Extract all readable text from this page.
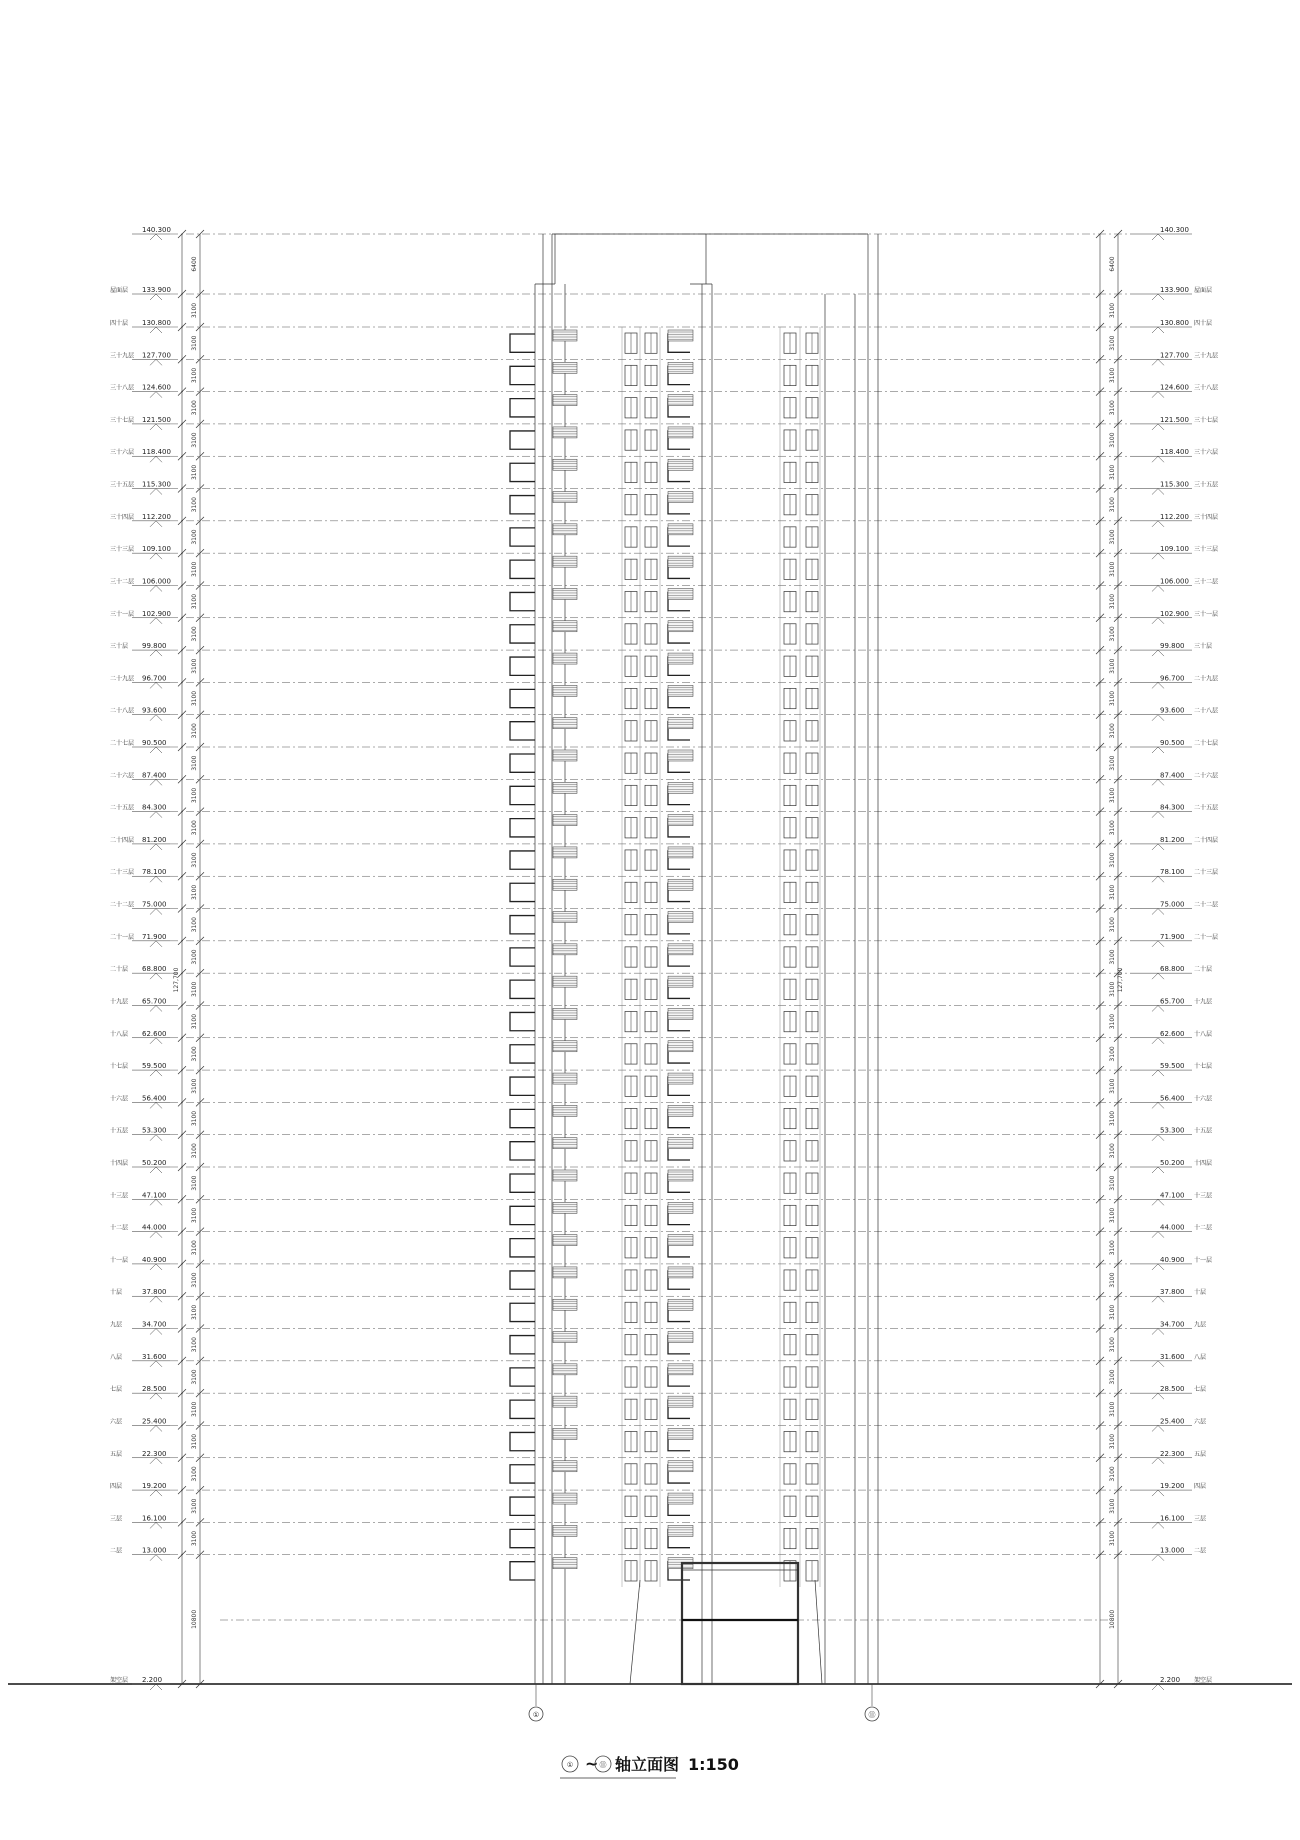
140.300	140.300
133.900	133.900
屋面层	屋面层
130.800	130.800
四十层	四十层
127.700	127.700
三十九层	三十九层
124.600	124.600
三十八层	三十八层
121.500	121.500
三十七层	三十七层
118.400	118.400
三十六层	三十六层
115.300	115.300
三十五层	三十五层
112.200	112.200
三十四层	三十四层
109.100	109.100
三十三层	三十三层
106.000	106.000
三十二层	三十二层
102.900	102.900
三十一层	三十一层
99.800	99.800
三十层	三十层
96.700	96.700
二十九层	二十九层
93.600	93.600
二十八层	二十八层
90.500	90.500
二十七层	二十七层
87.400	87.400
二十六层	二十六层
84.300	84.300
二十五层	二十五层
81.200	81.200
二十四层	二十四层
78.100	78.100
二十三层	二十三层
75.000	75.000
二十二层	二十二层
71.900	71.900
二十一层	二十一层
68.800	68.800
二十层	二十层
65.700	65.700
十九层	十九层
62.600	62.600
十八层	十八层
59.500	59.500
十七层	十七层
56.400	56.400
十六层	十六层
53.300	53.300
十五层	十五层
50.200	50.200
十四层	十四层
47.100	47.100
十三层	十三层
44.000	44.000
十二层	十二层
40.900	40.900
十一层	十一层
37.800	37.800
十层	十层
34.700	34.700
九层	九层
31.600	31.600
八层	八层
28.500	28.500
七层	七层
25.400	25.400
六层	六层
22.300	22.300
五层	五层
19.200	19.200
四层	四层
16.100	16.100
三层	三层
13.000	13.000
二层	二层
2.200	2.200
架空层	架空层
6400	6400
3100	3100
3100	3100
3100	3100
3100	3100
3100	3100
3100	3100
3100	3100
3100	3100
3100	3100
3100	3100
3100	3100
3100	3100
3100	3100
3100	3100
3100	3100
3100	3100
3100	3100
3100	3100
3100	3100
3100	3100
3100	3100
3100	3100
3100	3100
3100	3100
3100	3100
3100	3100
3100	3100
3100	3100
3100	3100
3100	3100
3100	3100
3100	3100
3100	3100
3100	3100
3100	3100
3100	3100
3100	3100
3100	3100
3100	3100
10800	10800
127,700	127,700
①	⑪
① ~ ⑪ 轴立面图 1:150
